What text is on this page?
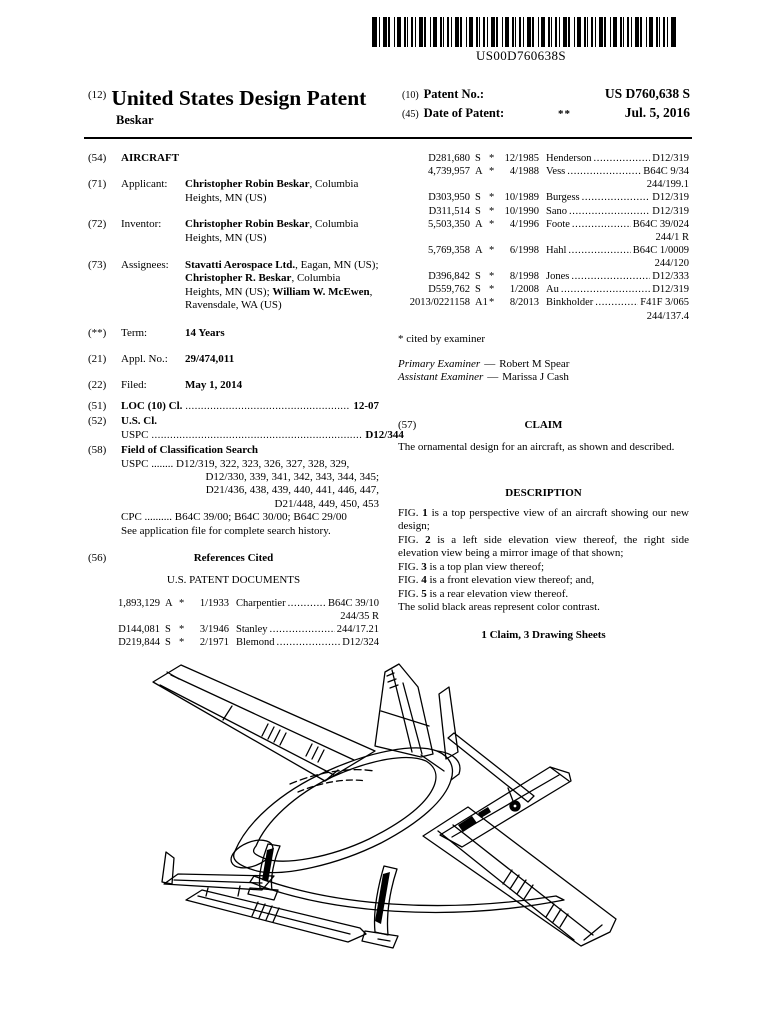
US00D760638S
$^{(12)}$ United States Design Patent
Beskar
(10) Patent No.:	US D760,638 S
(45) Date of Patent:	**	Jul. 5, 2016
(54)	AIRCRAFT
(71)	Applicant:	Christopher Robin Beskar, Columbia Heights, MN (US)
(72)	Inventor:	Christopher Robin Beskar, Columbia Heights, MN (US)
(73)	Assignees:	Stavatti Aerospace Ltd., Eagan, MN (US); Christopher R. Beskar, Columbia Heights, MN (US); William W. McEwen, Ravensdale, WA (US)
(**)	Term:	14 Years
(21)	Appl. No.:	29/474,011
(22)	Filed:	May 1, 2014
(51)	LOC (10) Cl. .....	12-07
(52)	U.S. Cl.
USPC .....	D12/344
(58)	Field of Classification Search
USPC ........ D12/319, 322, 323, 326, 327, 328, 329,
D12/330, 339, 341, 342, 343, 344, 345;
D21/436, 438, 439, 440, 441, 446, 447,
D21/448, 449, 450, 453
CPC .......... B64C 39/00; B64C 30/00; B64C 29/00
See application file for complete search history.
(56)	References Cited
U.S. PATENT DOCUMENTS
1,893,129 A *	1/1933 Charpentier .....	B64C 39/10
244/35 R
D144,081 S *	3/1946 Stanley .....	244/17.21
D219,844 S *	2/1971 Blemond .....	D12/324
D281,680 S * 12/1985 Henderson .....	D12/319
4,739,957 A *	4/1988 Vess .....	B64C 9/34
244/199.1
D303,950 S * 10/1989 Burgess .....	D12/319
D311,514 S * 10/1990 Sano .....	D12/319
5,503,350 A *	4/1996 Foote .....	B64C 39/024
244/1 R
5,769,358 A *	6/1998 Hahl .....	B64C 1/0009
244/120
D396,842 S *	8/1998 Jones .....	D12/333
D559,762 S *	1/2008 Au .....	D12/319
2013/0221158 A1 *	8/2013 Binkholder .....	F41F 3/065
244/137.4
* cited by examiner
Primary Examiner — Robert M Spear
Assistant Examiner — Marissa J Cash
(57)	CLAIM
The ornamental design for an aircraft, as shown and described.
DESCRIPTION
FIG. 1 is a top perspective view of an aircraft showing our new design;
FIG. 2 is a left side elevation view thereof, the right side elevation view being a mirror image of that shown;
FIG. 3 is a top plan view thereof;
FIG. 4 is a front elevation view thereof; and,
FIG. 5 is a rear elevation view thereof.
The solid black areas represent color contrast.
1 Claim, 3 Drawing Sheets
